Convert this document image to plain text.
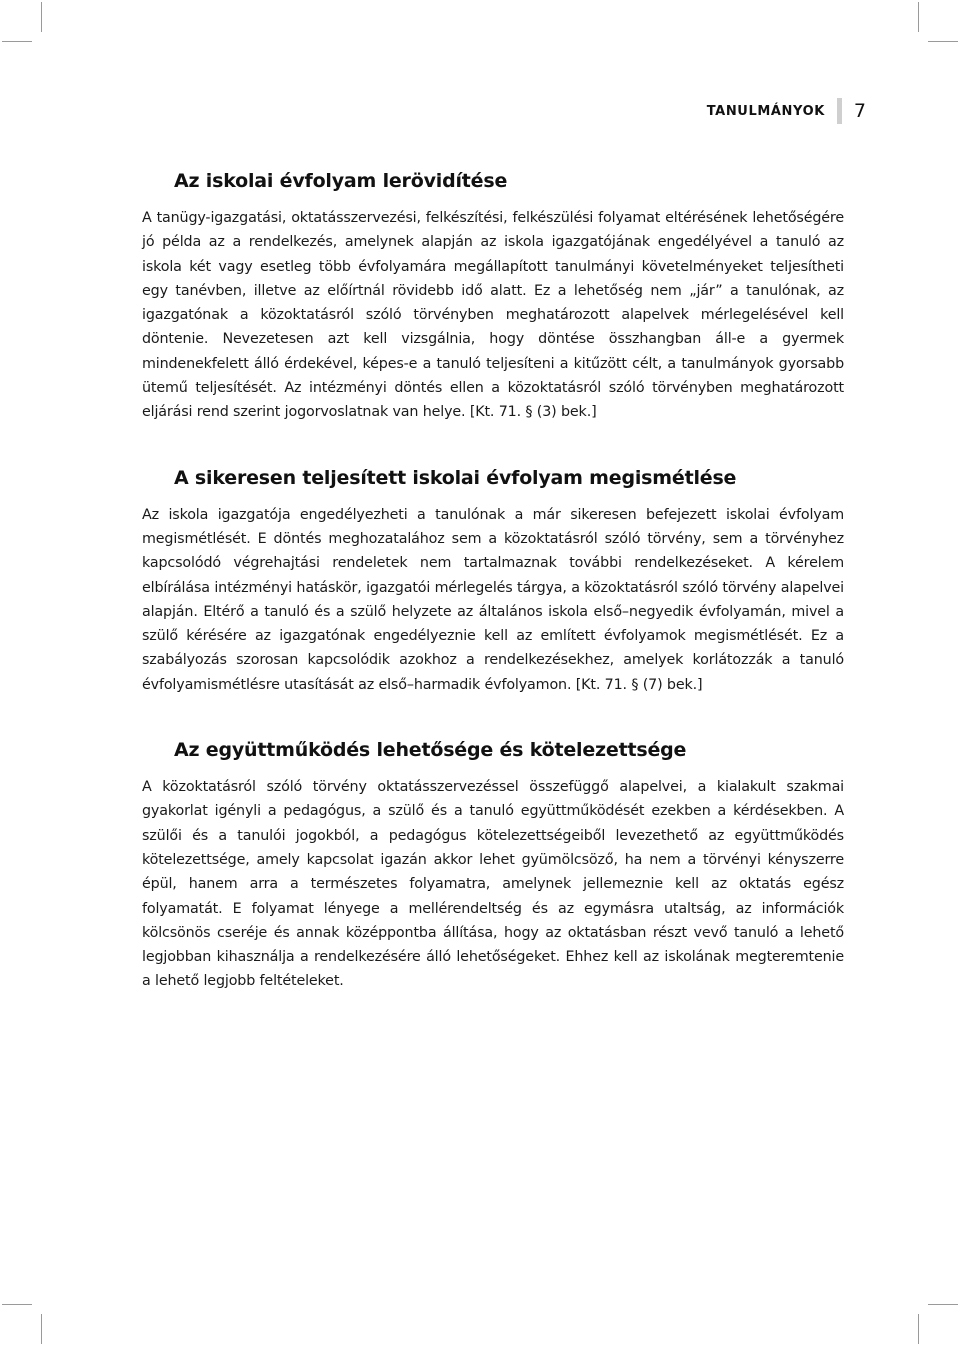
TANULMÁNYOK 7
Az iskolai évfolyam lerövidítése

A tanügy-igazgatási, oktatásszervezési, felkészítési, felkészülési folyamat eltérésének lehetőségére jó példa az a rendelkezés, amelynek alapján az iskola igazgatójának engedélyével a tanuló az iskola két vagy esetleg több évfolyamára megállapított tanulmányi követelményeket teljesítheti egy tanévben, illetve az előírtnál rövidebb idő alatt. Ez a lehetőség nem „jár” a tanulónak, az igazgatónak a közoktatásról szóló törvényben meghatározott alapelvek mérlegelésével kell döntenie. Nevezetesen azt kell vizsgálnia, hogy döntése összhangban áll-e a gyermek mindenekfelett álló érdekével, képes-e a tanuló teljesíteni a kitűzött célt, a tanulmányok gyorsabb ütemű teljesítését. Az intézményi döntés ellen a közoktatásról szóló törvényben meghatározott eljárási rend szerint jogorvoslatnak van helye. [Kt. 71. § (3) bek.]

A sikeresen teljesített iskolai évfolyam megismétlése

Az iskola igazgatója engedélyezheti a tanulónak a már sikeresen befejezett iskolai évfolyam megismétlését. E döntés meghozatalához sem a közoktatásról szóló törvény, sem a törvényhez kapcsolódó végrehajtási rendeletek nem tartalmaznak további rendelkezéseket. A kérelem elbírálása intézményi hatáskör, igazgatói mérlegelés tárgya, a közoktatásról szóló törvény alapelvei alapján. Eltérő a tanuló és a szülő helyzete az általános iskola első–negyedik évfolyamán, mivel a szülő kérésére az igazgatónak engedélyeznie kell az említett évfolyamok megismétlését. Ez a szabályozás szorosan kapcsolódik azokhoz a rendelkezésekhez, amelyek korlátozzák a tanuló évfolyamismétlésre utasítását az első–harmadik évfolyamon. [Kt. 71. § (7) bek.]

Az együttműködés lehetősége és kötelezettsége

A közoktatásról szóló törvény oktatásszervezéssel összefüggő alapelvei, a kialakult szakmai gyakorlat igényli a pedagógus, a szülő és a tanuló együttműködését ezekben a kérdésekben. A szülői és a tanulói jogokból, a pedagógus kötelezettségeiből levezethető az együttműködés kötelezettsége, amely kapcsolat igazán akkor lehet gyümölcsöző, ha nem a törvényi kényszerre épül, hanem arra a természetes folyamatra, amelynek jellemeznie kell az oktatás egész folyamatát. E folyamat lényege a mellérendeltség és az egymásra utaltság, az információk kölcsönös cseréje és annak középpontba állítása, hogy az oktatásban részt vevő tanuló a lehető legjobban kihasználja a rendelkezésére álló lehetőségeket. Ehhez kell az iskolának megteremtenie a lehető legjobb feltételeket.
